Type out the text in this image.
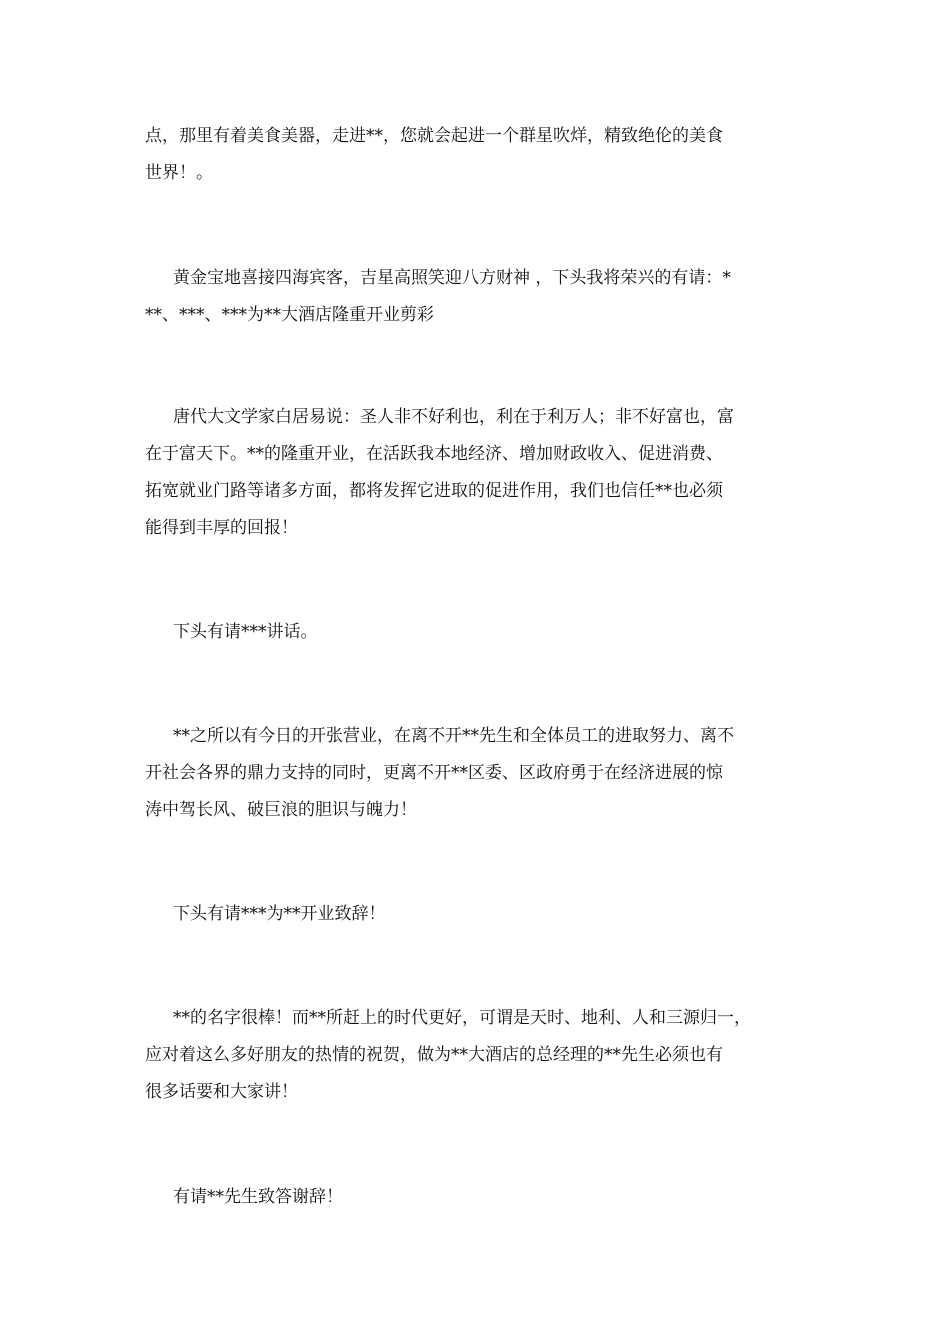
点，那里有着美食美器，走进**，您就会起进一个群星吹烊，精致绝伦的美食
世界！。
黄金宝地喜接四海宾客，吉星高照笑迎八方财神 ，下头我将荣兴的有请：*
**、***、***为**大酒店隆重开业剪彩
唐代大文学家白居易说：圣人非不好利也，利在于利万人；非不好富也，富
在于富天下。**的隆重开业，在活跃我本地经济、增加财政收入、促进消费、
拓宽就业门路等诸多方面，都将发挥它进取的促进作用，我们也信任**也必须
能得到丰厚的回报！
下头有请***讲话。
**之所以有今日的开张营业，在离不开**先生和全体员工的进取努力、离不
开社会各界的鼎力支持的同时，更离不开**区委、区政府勇于在经济进展的惊
涛中驾长风、破巨浪的胆识与魄力！
下头有请***为**开业致辞！
**的名字很棒！而**所赶上的时代更好，可谓是天时、地利、人和三源归一，
应对着这么多好朋友的热情的祝贺，做为**大酒店的总经理的**先生必须也有
很多话要和大家讲！
有请**先生致答谢辞！
